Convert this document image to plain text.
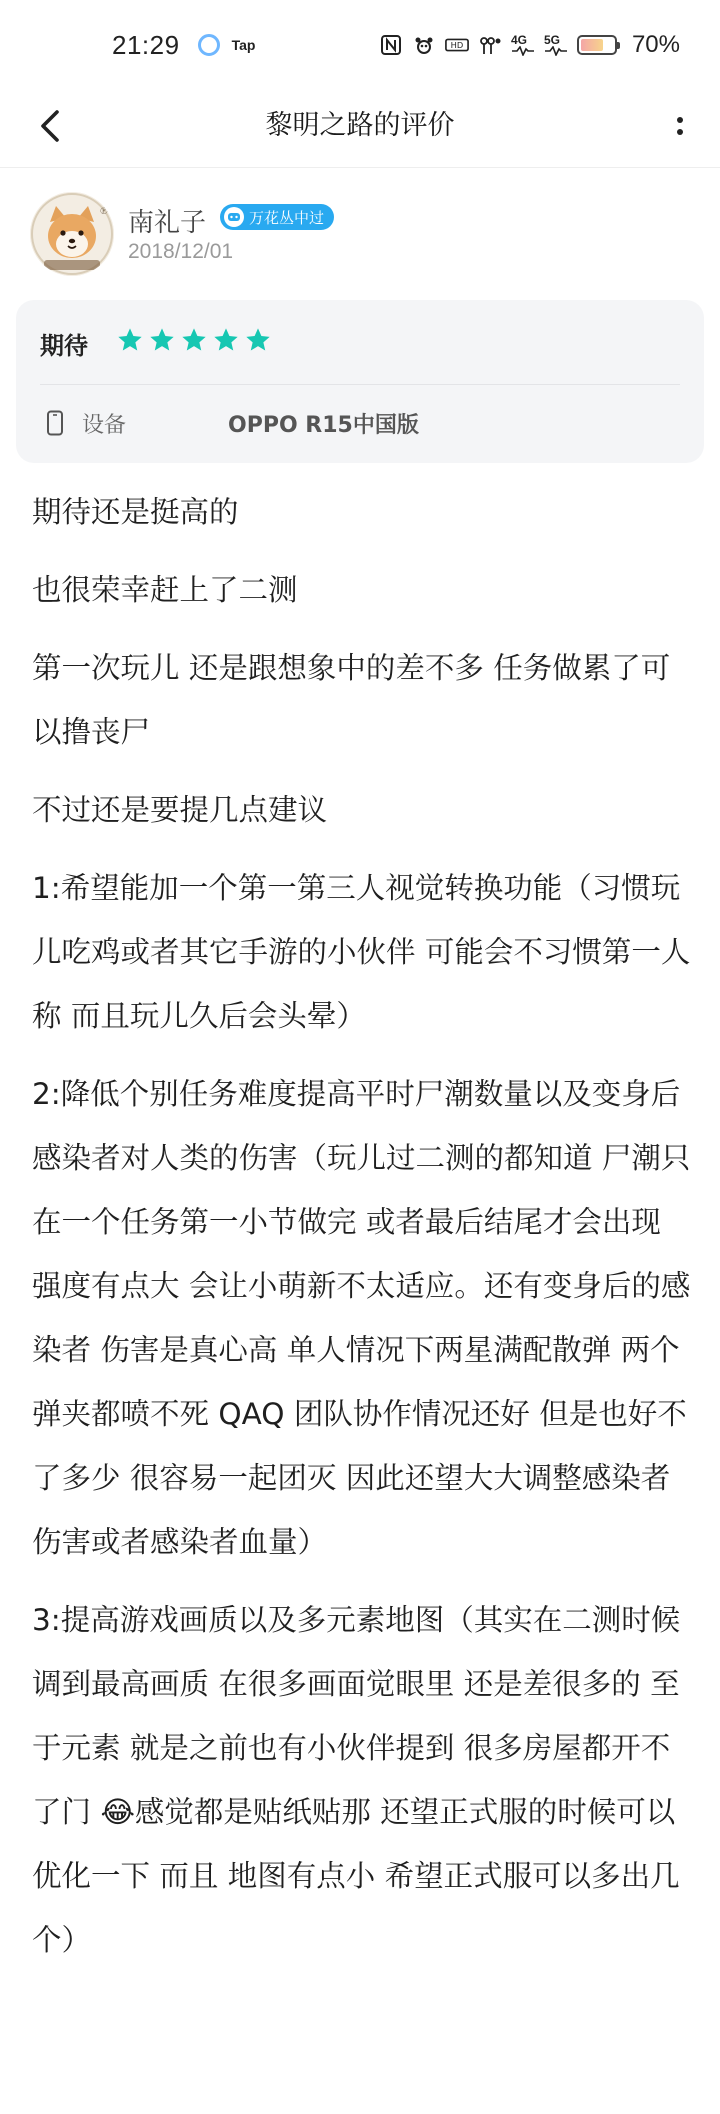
21:29	Tap	HD	4G 5G	70%
黎明之路的评价
℗ 南礼子	万花丛中过
2018/12/01
期待
设备	OPPO R15中国版

期待还是挺高的

也很荣幸赶上了二测

第一次玩儿 还是跟想象中的差不多 任务做累了可以撸丧尸

不过还是要提几点建议

1:希望能加一个第一第三人视觉转换功能（习惯玩儿吃鸡或者其它手游的小伙伴 可能会不习惯第一人称 而且玩儿久后会头晕）

2:降低个别任务难度提高平时尸潮数量以及变身后感染者对人类的伤害（玩儿过二测的都知道 尸潮只在一个任务第一小节做完 或者最后结尾才会出现 强度有点大 会让小萌新不太适应。还有变身后的感染者 伤害是真心高 单人情况下两星满配散弹 两个弹夹都喷不死 QAQ 团队协作情况还好 但是也好不了多少 很容易一起团灭 因此还望大大调整感染者伤害或者感染者血量）

3:提高游戏画质以及多元素地图（其实在二测时候调到最高画质 在很多画面觉眼里 还是差很多的 至于元素 就是之前也有小伙伴提到 很多房屋都开不了门 😂感觉都是贴纸贴那 还望正式服的时候可以优化一下 而且 地图有点小 希望正式服可以多出几个）
